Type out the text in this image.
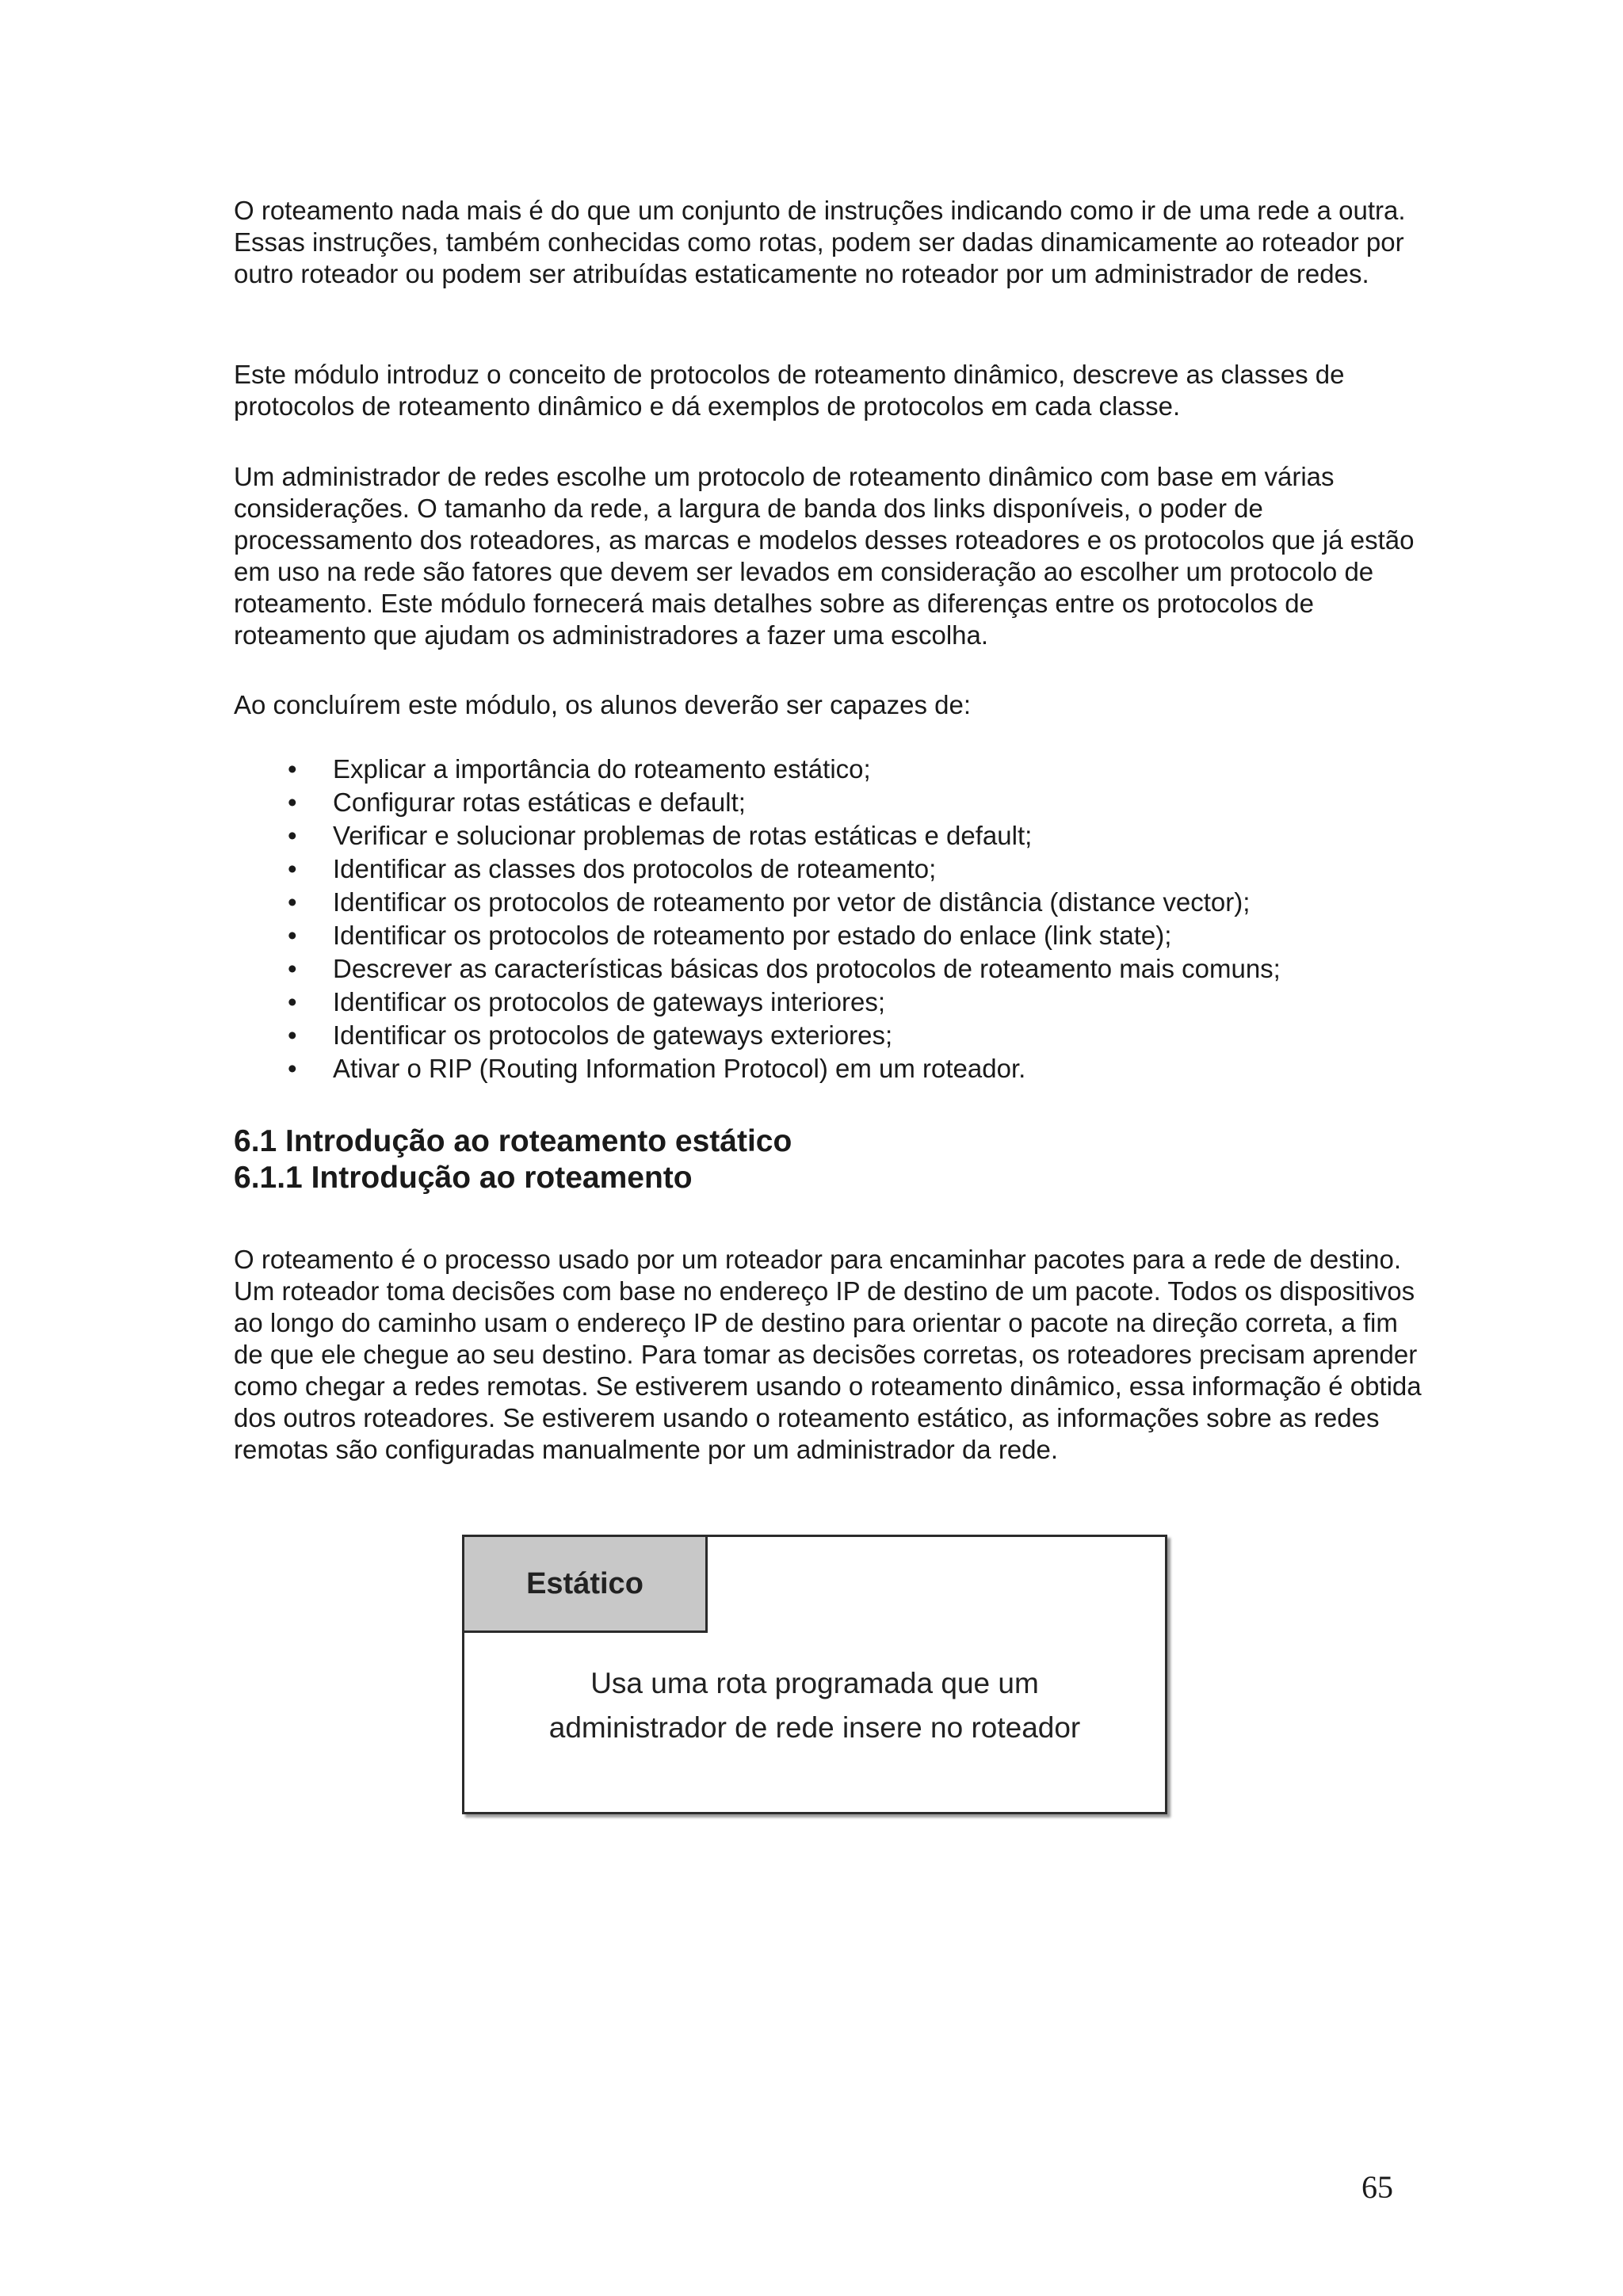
O roteamento nada mais é do que um conjunto de instruções indicando como ir de uma rede a outra. Essas instruções, também conhecidas como rotas, podem ser dadas dinamicamente ao roteador por outro roteador ou podem ser atribuídas estaticamente no roteador por um administrador de redes.

Este módulo introduz o conceito de protocolos de roteamento dinâmico, descreve as classes de protocolos de roteamento dinâmico e dá exemplos de protocolos em cada classe.

Um administrador de redes escolhe um protocolo de roteamento dinâmico com base em várias considerações. O tamanho da rede, a largura de banda dos links disponíveis, o poder de processamento dos roteadores, as marcas e modelos desses roteadores e os protocolos que já estão em uso na rede são fatores que devem ser levados em consideração ao escolher um protocolo de roteamento. Este módulo fornecerá mais detalhes sobre as diferenças entre os protocolos de roteamento que ajudam os administradores a fazer uma escolha.

Ao concluírem este módulo, os alunos deverão ser capazes de:

• Explicar a importância do roteamento estático;
• Configurar rotas estáticas e default;
• Verificar e solucionar problemas de rotas estáticas e default;
• Identificar as classes dos protocolos de roteamento;
• Identificar os protocolos de roteamento por vetor de distância (distance vector);
• Identificar os protocolos de roteamento por estado do enlace (link state);
• Descrever as características básicas dos protocolos de roteamento mais comuns;
• Identificar os protocolos de gateways interiores;
• Identificar os protocolos de gateways exteriores;
• Ativar o RIP (Routing Information Protocol) em um roteador.
6.1 Introdução ao roteamento estático
6.1.1 Introdução ao roteamento

O roteamento é o processo usado por um roteador para encaminhar pacotes para a rede de destino. Um roteador toma decisões com base no endereço IP de destino de um pacote. Todos os dispositivos ao longo do caminho usam o endereço IP de destino para orientar o pacote na direção correta, a fim de que ele chegue ao seu destino. Para tomar as decisões corretas, os roteadores precisam aprender como chegar a redes remotas. Se estiverem usando o roteamento dinâmico, essa informação é obtida dos outros roteadores. Se estiverem usando o roteamento estático, as informações sobre as redes remotas são configuradas manualmente por um administrador da rede.

Estático
Usa uma rota programada que um
administrador de rede insere no roteador
65
